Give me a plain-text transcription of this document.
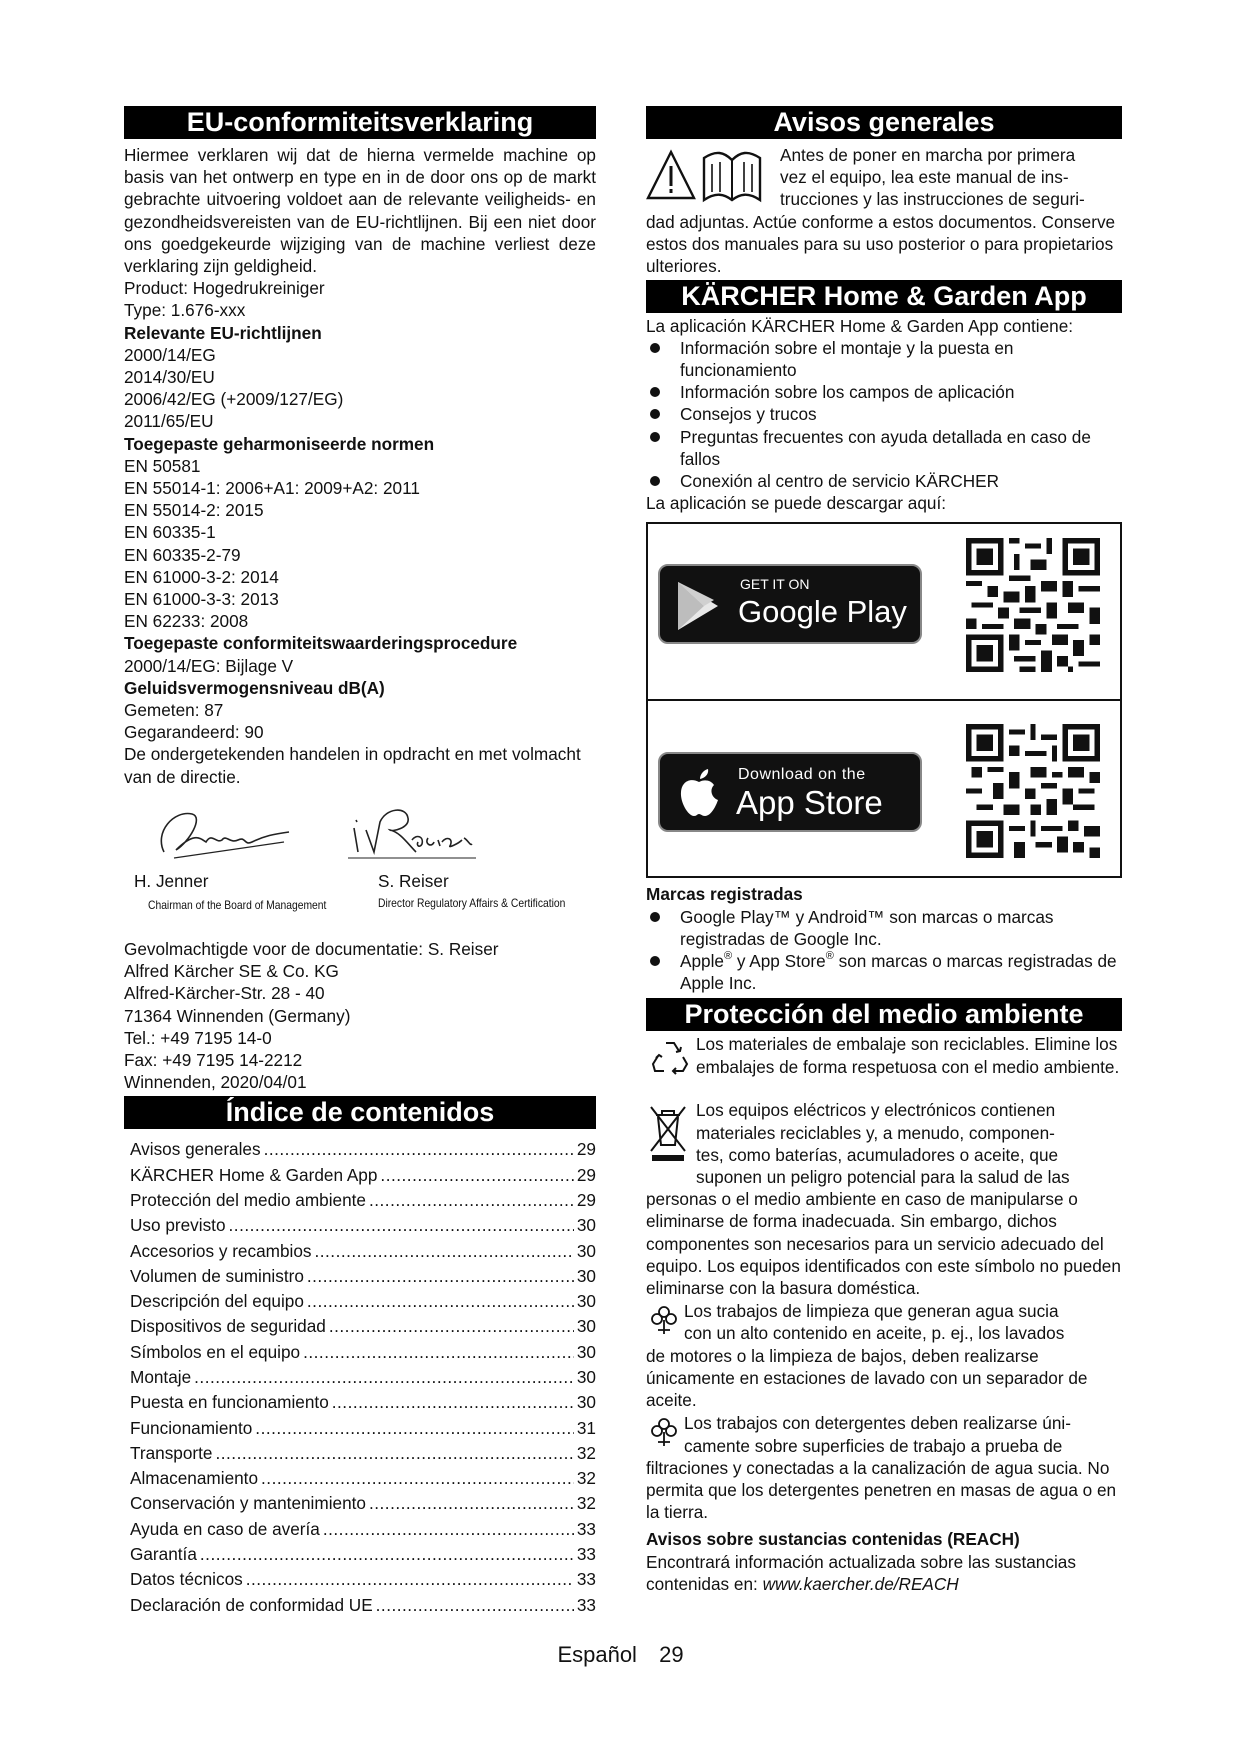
EU-conformiteitsverklaring
Hiermee verklaren wij dat de hierna vermelde machine op basis van het ontwerp en type en in de door ons op de markt gebrachte uitvoering voldoet aan de relevante veiligheids- en gezondheidsvereisten van de EU-richtlijnen. Bij een niet door ons goedgekeurde wijziging van de machine verliest deze verklaring zijn geldigheid.
Product: Hogedrukreiniger
Type: 1.676-xxx
Relevante EU-richtlijnen
2000/14/EG
2014/30/EU
2006/42/EG (+2009/127/EG)
2011/65/EU
Toegepaste geharmoniseerde normen
EN 50581
EN 55014-1: 2006+A1: 2009+A2: 2011
EN 55014-2: 2015
EN 60335-1
EN 60335-2-79
EN 61000-3-2: 2014
EN 61000-3-3: 2013
EN 62233: 2008
Toegepaste conformiteitswaarderingsprocedure
2000/14/EG: Bijlage V
Geluidsvermogensniveau dB(A)
Gemeten: 87
Gegarandeerd: 90
De ondergetekenden handelen in opdracht en met volmacht van de directie.
H. Jenner
Chairman of the Board of Management
S. Reiser
Director Regulatory Affairs & Certification
Gevolmachtigde voor de documentatie: S. Reiser
Alfred Kärcher SE & Co. KG
Alfred-Kärcher-Str. 28 - 40
71364 Winnenden (Germany)
Tel.: +49 7195 14-0
Fax: +49 7195 14-2212
Winnenden, 2020/04/01
Índice de contenidos
Avisos generales .....	29
KÄRCHER Home & Garden App .....	29
Protección del medio ambiente .....	29
Uso previsto .....	30
Accesorios y recambios .....	30
Volumen de suministro .....	30
Descripción del equipo .....	30
Dispositivos de seguridad .....	30
Símbolos en el equipo .....	30
Montaje .....	30
Puesta en funcionamiento .....	30
Funcionamiento .....	31
Transporte .....	32
Almacenamiento .....	32
Conservación y mantenimiento .....	32
Ayuda en caso de avería .....	33
Garantía .....	33
Datos técnicos .....	33
Declaración de conformidad UE .....	33
Avisos generales
Antes de poner en marcha por primera
vez el equipo, lea este manual de ins-
trucciones y las instrucciones de seguri-
dad adjuntas. Actúe conforme a estos documentos. Conserve estos dos manuales para su uso posterior o para propietarios ulteriores.
KÄRCHER Home & Garden App
La aplicación KÄRCHER Home & Garden App contiene:
Información sobre el montaje y la puesta en funcionamiento
Información sobre los campos de aplicación
Consejos y trucos
Preguntas frecuentes con ayuda detallada en caso de fallos
Conexión al centro de servicio KÄRCHER
La aplicación se puede descargar aquí:
GET IT ON
Google Play
Download on the
App Store
Marcas registradas
Google Play™ y Android™ son marcas o marcas registradas de Google Inc.
Apple® y App Store® son marcas o marcas registradas de Apple Inc.
Protección del medio ambiente
Los materiales de embalaje son reciclables. Elimine los embalajes de forma respetuosa con el medio ambiente.
Los equipos eléctricos y electrónicos contienen
materiales reciclables y, a menudo, componen-
tes, como baterías, acumuladores o aceite, que
suponen un peligro potencial para la salud de las
personas o el medio ambiente en caso de manipularse o eliminarse de forma inadecuada. Sin embargo, dichos componentes son necesarios para un servicio adecuado del equipo. Los equipos identificados con este símbolo no pueden eliminarse con la basura doméstica.
Los trabajos de limpieza que generan agua sucia
con un alto contenido en aceite, p. ej., los lavados
de motores o la limpieza de bajos, deben realizarse únicamente en estaciones de lavado con un separador de aceite.
Los trabajos con detergentes deben realizarse úni-
camente sobre superficies de trabajo a prueba de
filtraciones y conectadas a la canalización de agua sucia. No permita que los detergentes penetren en masas de agua o en la tierra.
Avisos sobre sustancias contenidas (REACH)
Encontrará información actualizada sobre las sustancias contenidas en: www.kaercher.de/REACH
Español 29
